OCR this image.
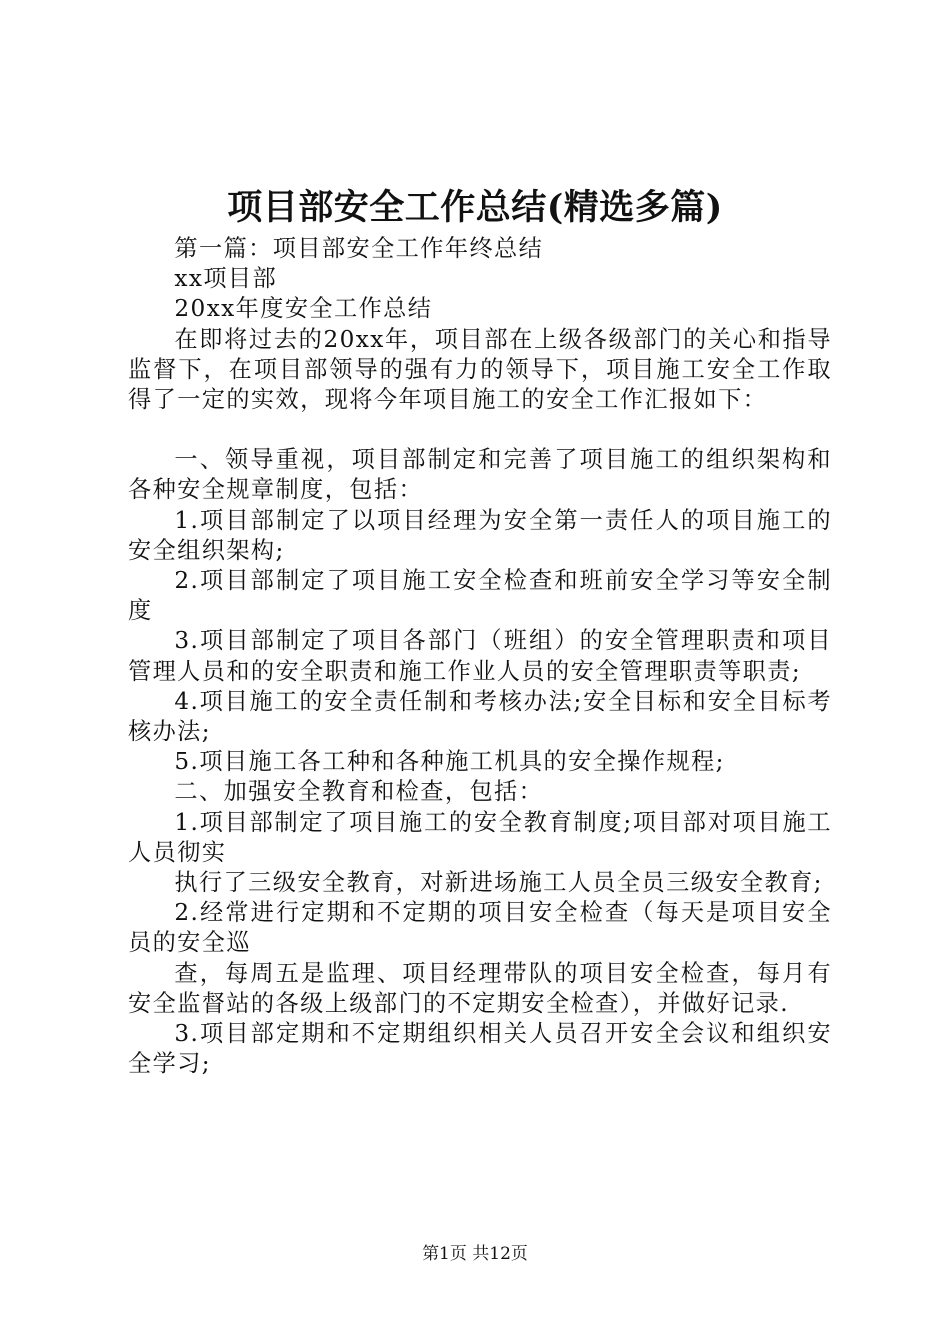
项目部安全工作总结(精选多篇)

第一篇：项目部安全工作年终总结

xx项目部

20xx年度安全工作总结

在即将过去的20xx年，项目部在上级各级部门的关心和指导监督下，在项目部领导的强有力的领导下，项目施工安全工作取得了一定的实效，现将今年项目施工的安全工作汇报如下：

一、领导重视，项目部制定和完善了项目施工的组织架构和各种安全规章制度，包括：

1.项目部制定了以项目经理为安全第一责任人的项目施工的安全组织架构;

2.项目部制定了项目施工安全检查和班前安全学习等安全制度

3.项目部制定了项目各部门（班组）的安全管理职责和项目管理人员和的安全职责和施工作业人员的安全管理职责等职责;

4.项目施工的安全责任制和考核办法;安全目标和安全目标考核办法;

5.项目施工各工种和各种施工机具的安全操作规程;

二、加强安全教育和检查，包括：

1.项目部制定了项目施工的安全教育制度;项目部对项目施工人员彻实

执行了三级安全教育，对新进场施工人员全员三级安全教育;

2.经常进行定期和不定期的项目安全检查（每天是项目安全员的安全巡

查，每周五是监理、项目经理带队的项目安全检查，每月有安全监督站的各级上级部门的不定期安全检查），并做好记录.

3.项目部定期和不定期组织相关人员召开安全会议和组织安全学习;

第1页 共12页
